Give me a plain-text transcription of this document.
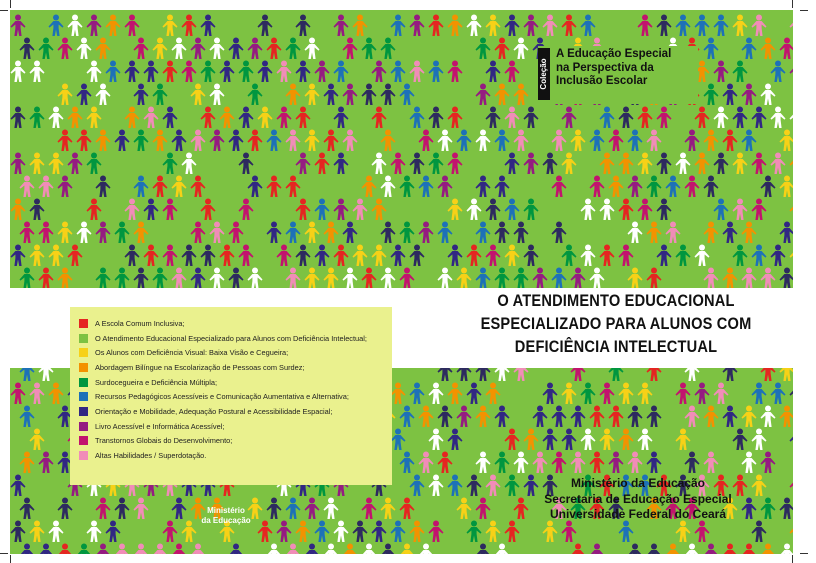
O ATENDIMENTO EDUCACIONAL
ESPECIALIZADO PARA ALUNOS COM
DEFICIÊNCIA INTELECTUAL
Coleção
A Educação Especial
na Perspectiva da
Inclusão Escolar
A Escola Comum Inclusiva;
O Atendimento Educacional Especializado para Alunos com Deficiência Intelectual;
Os Alunos com Deficiência Visual: Baixa Visão e Cegueira;
Abordagem Bilíngue na Escolarização de Pessoas com Surdez;
Surdocegueira e Deficiência Múltipla;
Recursos Pedagógicos Acessíveis e Comunicação Aumentativa e Alternativa;
Orientação e Mobilidade, Adequação Postural e Acessibilidade Espacial;
Livro Acessível e Informática Acessível;
Transtornos Globais do Desenvolvimento;
Altas Habilidades / Superdotação.
Ministério
da Educação
Ministério da Educação
Secretaria de Educação Especial
Universidade Federal do Ceará
